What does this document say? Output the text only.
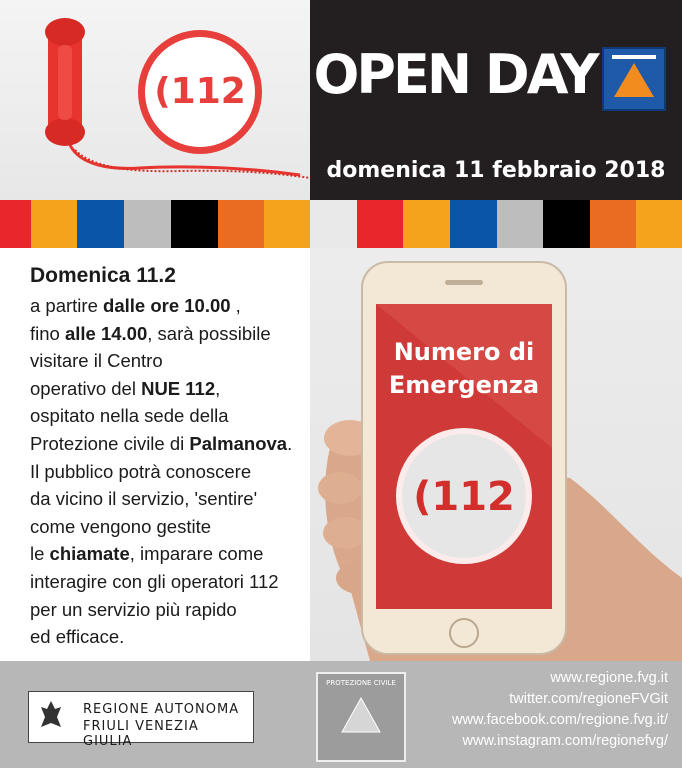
(112 OPEN DAY
domenica 11 febbraio 2018
Domenica 11.2
a partire dalle ore 10.00 ,
fino alle 14.00, sarà possibile
visitare il Centro
operativo del NUE 112,
ospitato nella sede della
Protezione civile di Palmanova.
Il pubblico potrà conoscere
da vicino il servizio, 'sentire'
come vengono gestite
le chiamate, imparare come
interagire con gli operatori 112
per un servizio più rapido
ed efficace.
Numero di
Emergenza
(112
REGIONE AUTONOMA
FRIULI VENEZIA GIULIA
PROTEZIONE CIVILE	www.regione.fvg.it
twitter.com/regioneFVGit
www.facebook.com/regione.fvg.it/
www.instagram.com/regionefvg/
